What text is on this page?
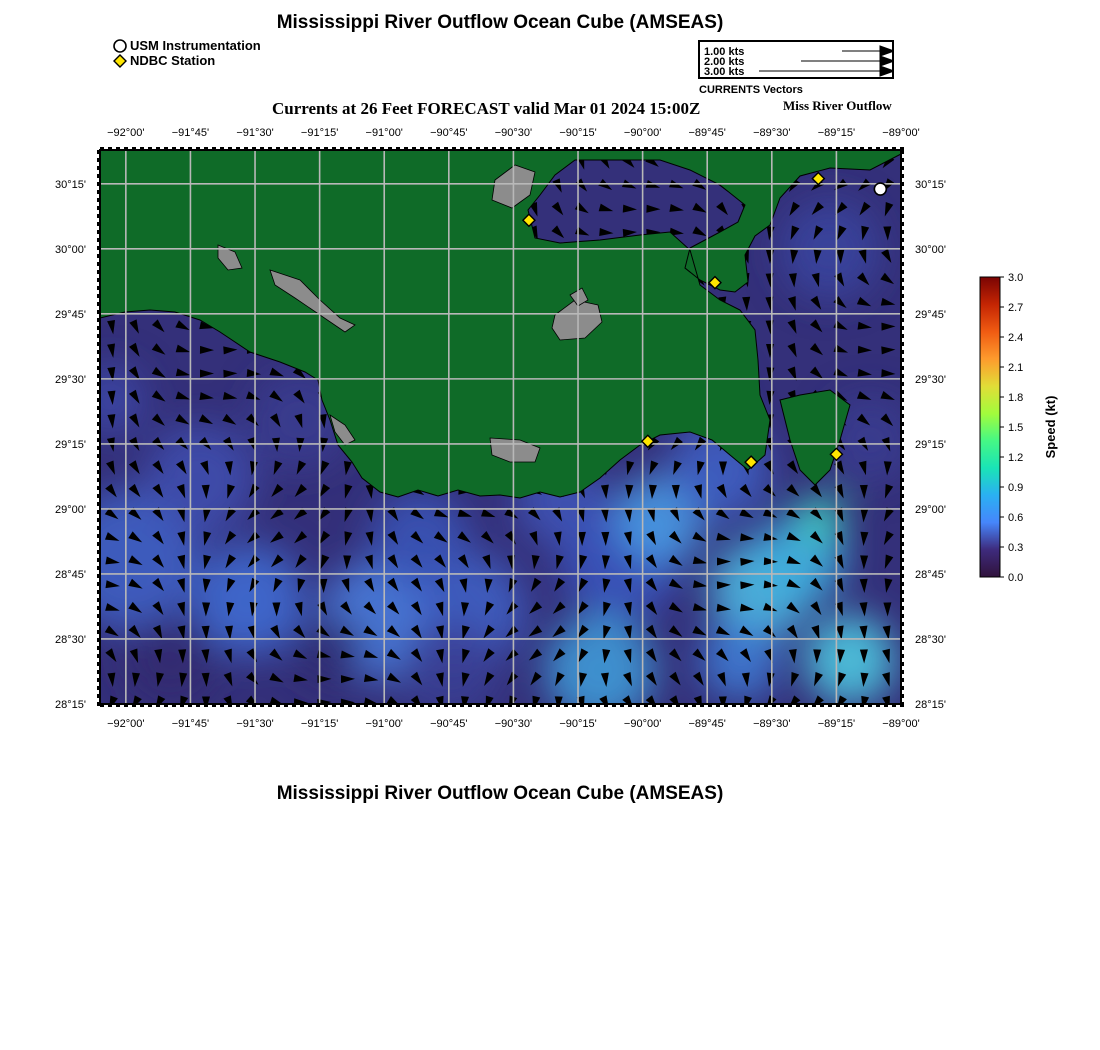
Mississippi River Outflow Ocean Cube (AMSEAS)
USM Instrumentation
NDBC Station
1.00 kts
2.00 kts
3.00 kts
CURRENTS Vectors
Currents at 26 Feet FORECAST valid Mar 01 2024 15:00Z	Miss River Outflow
−92°00'
−92°00'
−91°45'
−91°45'
−91°30'
−91°30'
−91°15'
−91°15'
−91°00'
−91°00'
−90°45'
−90°45'
−90°30'
−90°30'
−90°15'
−90°15'
−90°00'
−90°00'
−89°45'
−89°45'
−89°30'
−89°30'
−89°15'
−89°15'
−89°00'
−89°00'
30°15'	30°15'
30°00'	30°00'
29°45'	29°45'
29°30'	29°30'
29°15'	29°15'
29°00'	29°00'
28°45'	28°45'
28°30'	28°30'
28°15'	28°15'
3.0
2.7
2.4
2.1
1.8
1.5
1.2
0.9
0.6
0.3
0.0
Speed (kt)
Mississippi River Outflow Ocean Cube (AMSEAS)
